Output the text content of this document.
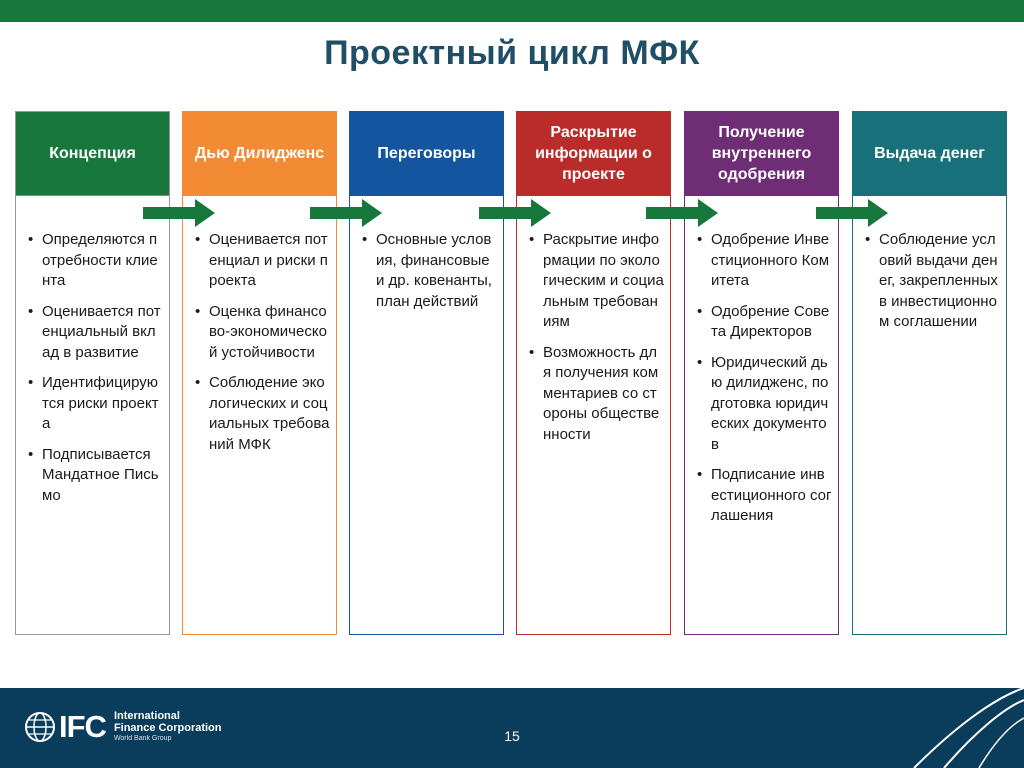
Проектный цикл МФК
Концепция
• Определяются потребности клиента
• Оценивается потенциальный вклад в развитие
• Идентифицируются риски проекта
• Подписывается Мандатное Письмо
Дью Дилидженс
• Оценивается потенциал и риски проекта
• Оценка финансово-экономической устойчивости
• Соблюдение экологических и социальных требований МФК
Переговоры
• Основные условия, финансовые и др. ковенанты, план действий
Раскрытие информации о проекте
• Раскрытие информации по экологическим и социальным требованиям
• Возможность для получения комментариев со стороны общественности
Получение внутреннего одобрения
• Одобрение Инвестиционного Комитета
• Одобрение Совета Директоров
• Юридический дью дилидженс, подготовка юридических документов
• Подписание инвестиционного соглашения
Выдача денег
• Соблюдение условий выдачи денег, закрепленных в инвестиционном соглашении
IFC International
Finance Corporation
World Bank Group	15
